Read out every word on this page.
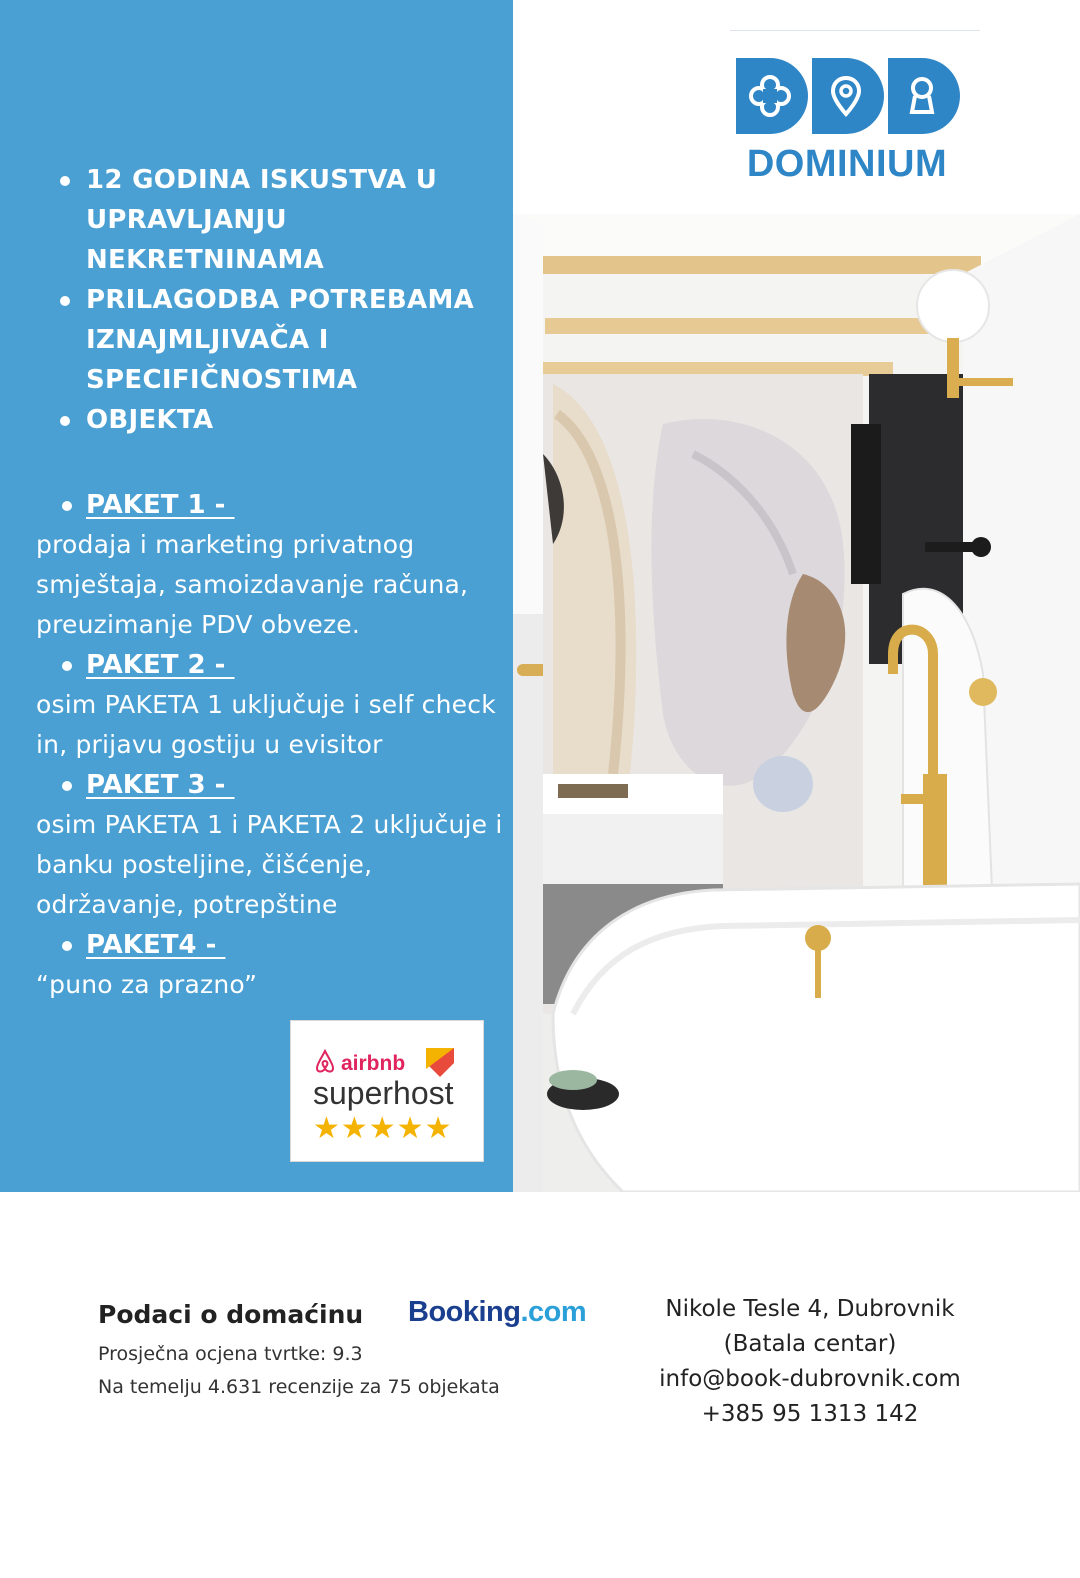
12 GODINA ISKUSTVA U UPRAVLJANJU NEKRETNINAMA
PRILAGODBA POTREBAMA IZNAJMLJIVAČA I SPECIFIČNOSTIMA
OBJEKTA
PAKET 1 -
prodaja i marketing privatnog smještaja, samoizdavanje računa, preuzimanje PDV obveze.
PAKET 2 -
osim PAKETA 1 uključuje i self check in, prijavu gostiju u evisitor
PAKET 3 -
osim PAKETA 1 i PAKETA 2 uključuje i banku posteljine, čišćenje, održavanje, potrepštine
PAKET4 -
“puno za prazno”
airbnb
superhost
★★★★★
DOMINIUM
Podaci o domaćinu
Prosječna ocjena tvrtke: 9.3
Na temelju 4.631 recenzije za 75 objekata
Booking.com	Nikole Tesle 4, Dubrovnik
(Batala centar)
info@book-dubrovnik.com
+385 95 1313 142
